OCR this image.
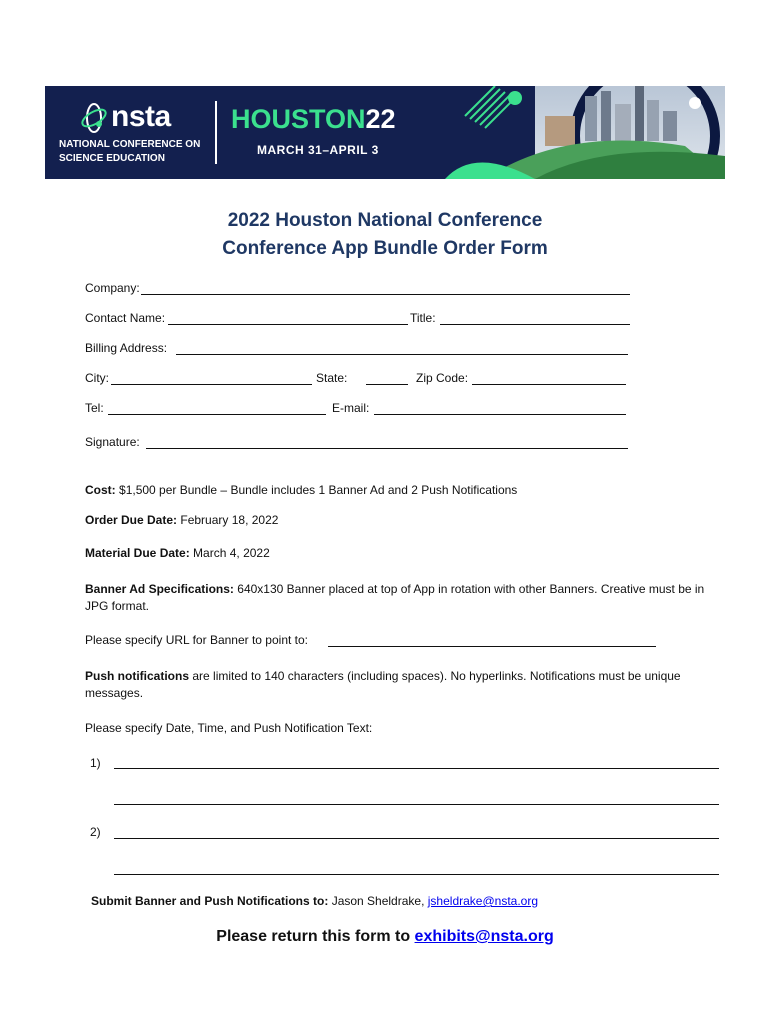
nsta
NATIONAL CONFERENCE ON
SCIENCE EDUCATION
HOUSTON22
MARCH 31–APRIL 3
2022 Houston National Conference
Conference App Bundle Order Form
Company:
Contact Name:	Title:
Billing Address:
City:	State:	Zip Code:
Tel:	E-mail:
Signature:
Cost: $1,500 per Bundle – Bundle includes 1 Banner Ad and 2 Push Notifications
Order Due Date: February 18, 2022
Material Due Date: March 4, 2022
Banner Ad Specifications: 640x130 Banner placed at top of App in rotation with other Banners. Creative must be in JPG format.
Please specify URL for Banner to point to:
Push notifications are limited to 140 characters (including spaces). No hyperlinks. Notifications must be unique messages.
Please specify Date, Time, and Push Notification Text:
1)
2)
Submit Banner and Push Notifications to: Jason Sheldrake, jsheldrake@nsta.org
Please return this form to exhibits@nsta.org
